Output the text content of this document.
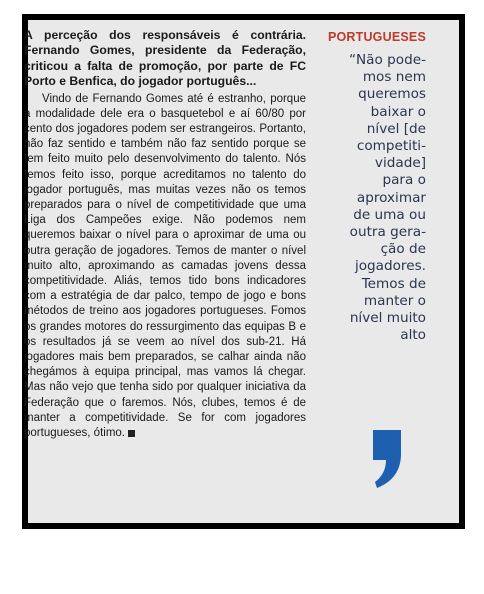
A perceção dos responsáveis é contrária. Fernando Gomes, presidente da Federação, criticou a falta de promoção, por parte de FC Porto e Benfica, do jogador português...

Vindo de Fernando Gomes até é estranho, porque a modalidade dele era o basquetebol e aí 60/80 por cento dos jogadores podem ser estrangeiros. Portanto, não faz sentido e também não faz sentido porque se tem feito muito pelo desenvolvimento do talento. Nós temos feito isso, porque acreditamos no talento do jogador português, mas muitas vezes não os temos preparados para o nível de competitividade que uma Liga dos Campeões exige. Não podemos nem queremos baixar o nível para o aproximar de uma ou outra geração de jogadores. Temos de manter o nível muito alto, aproximando as camadas jovens dessa competitividade. Aliás, temos tido bons indicadores com a estratégia de dar palco, tempo de jogo e bons métodos de treino aos jogadores portugueses. Fomos os grandes motores do ressurgimento das equipas B e os resultados já se veem ao nível dos sub-21. Há jogadores mais bem preparados, se calhar ainda não chegámos à equipa principal, mas vamos lá chegar. Mas não vejo que tenha sido por qualquer iniciativa da Federação que o faremos. Nós, clubes, temos é de manter a competitividade. Se for com jogadores portugueses, ótimo.

PORTUGUESES

“Não pode-
mos nem
queremos
baixar o
nível [de
competiti-
vidade]
para o
aproximar
de uma ou
outra gera-
ção de
jogadores.
Temos de
manter o
nível muito
alto
